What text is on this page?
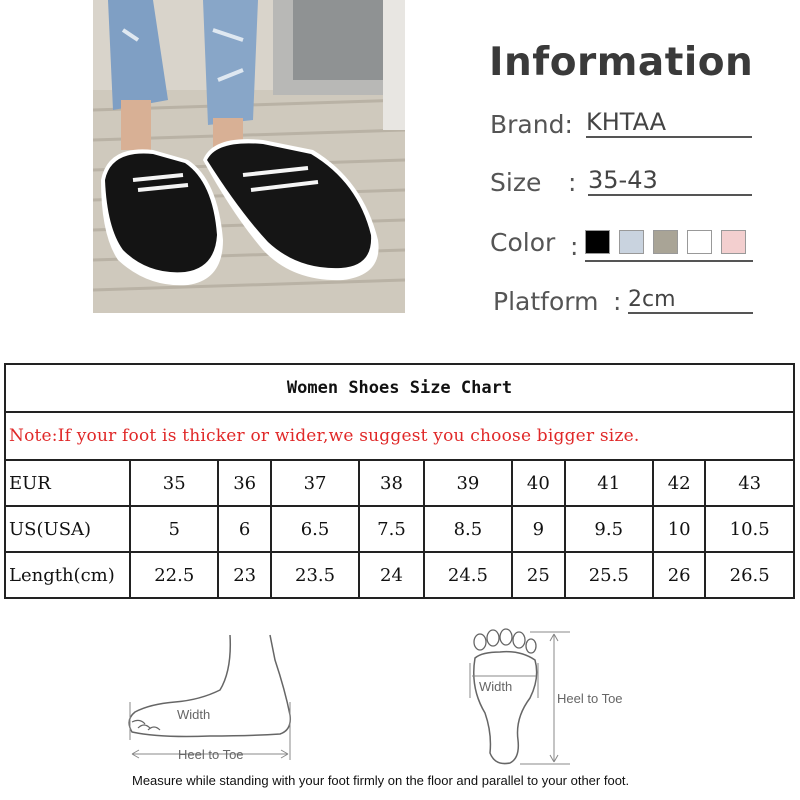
Information
Brand: KHTAA
Size : 35-43
Color :
Platform : 2cm
Women Shoes Size Chart									
Note:If your foot is thicker or wider,we suggest you choose bigger size.									
EUR	35	36	37	38	39	40	41	42	43
US(USA)	5	6	6.5	7.5	8.5	9	9.5	10	10.5
Length(cm)	22.5	23	23.5	24	24.5	25	25.5	26	26.5
Width
Heel to Toe
Width
Heel to Toe
Measure while standing with your foot firmly on the floor and parallel to your other foot.
